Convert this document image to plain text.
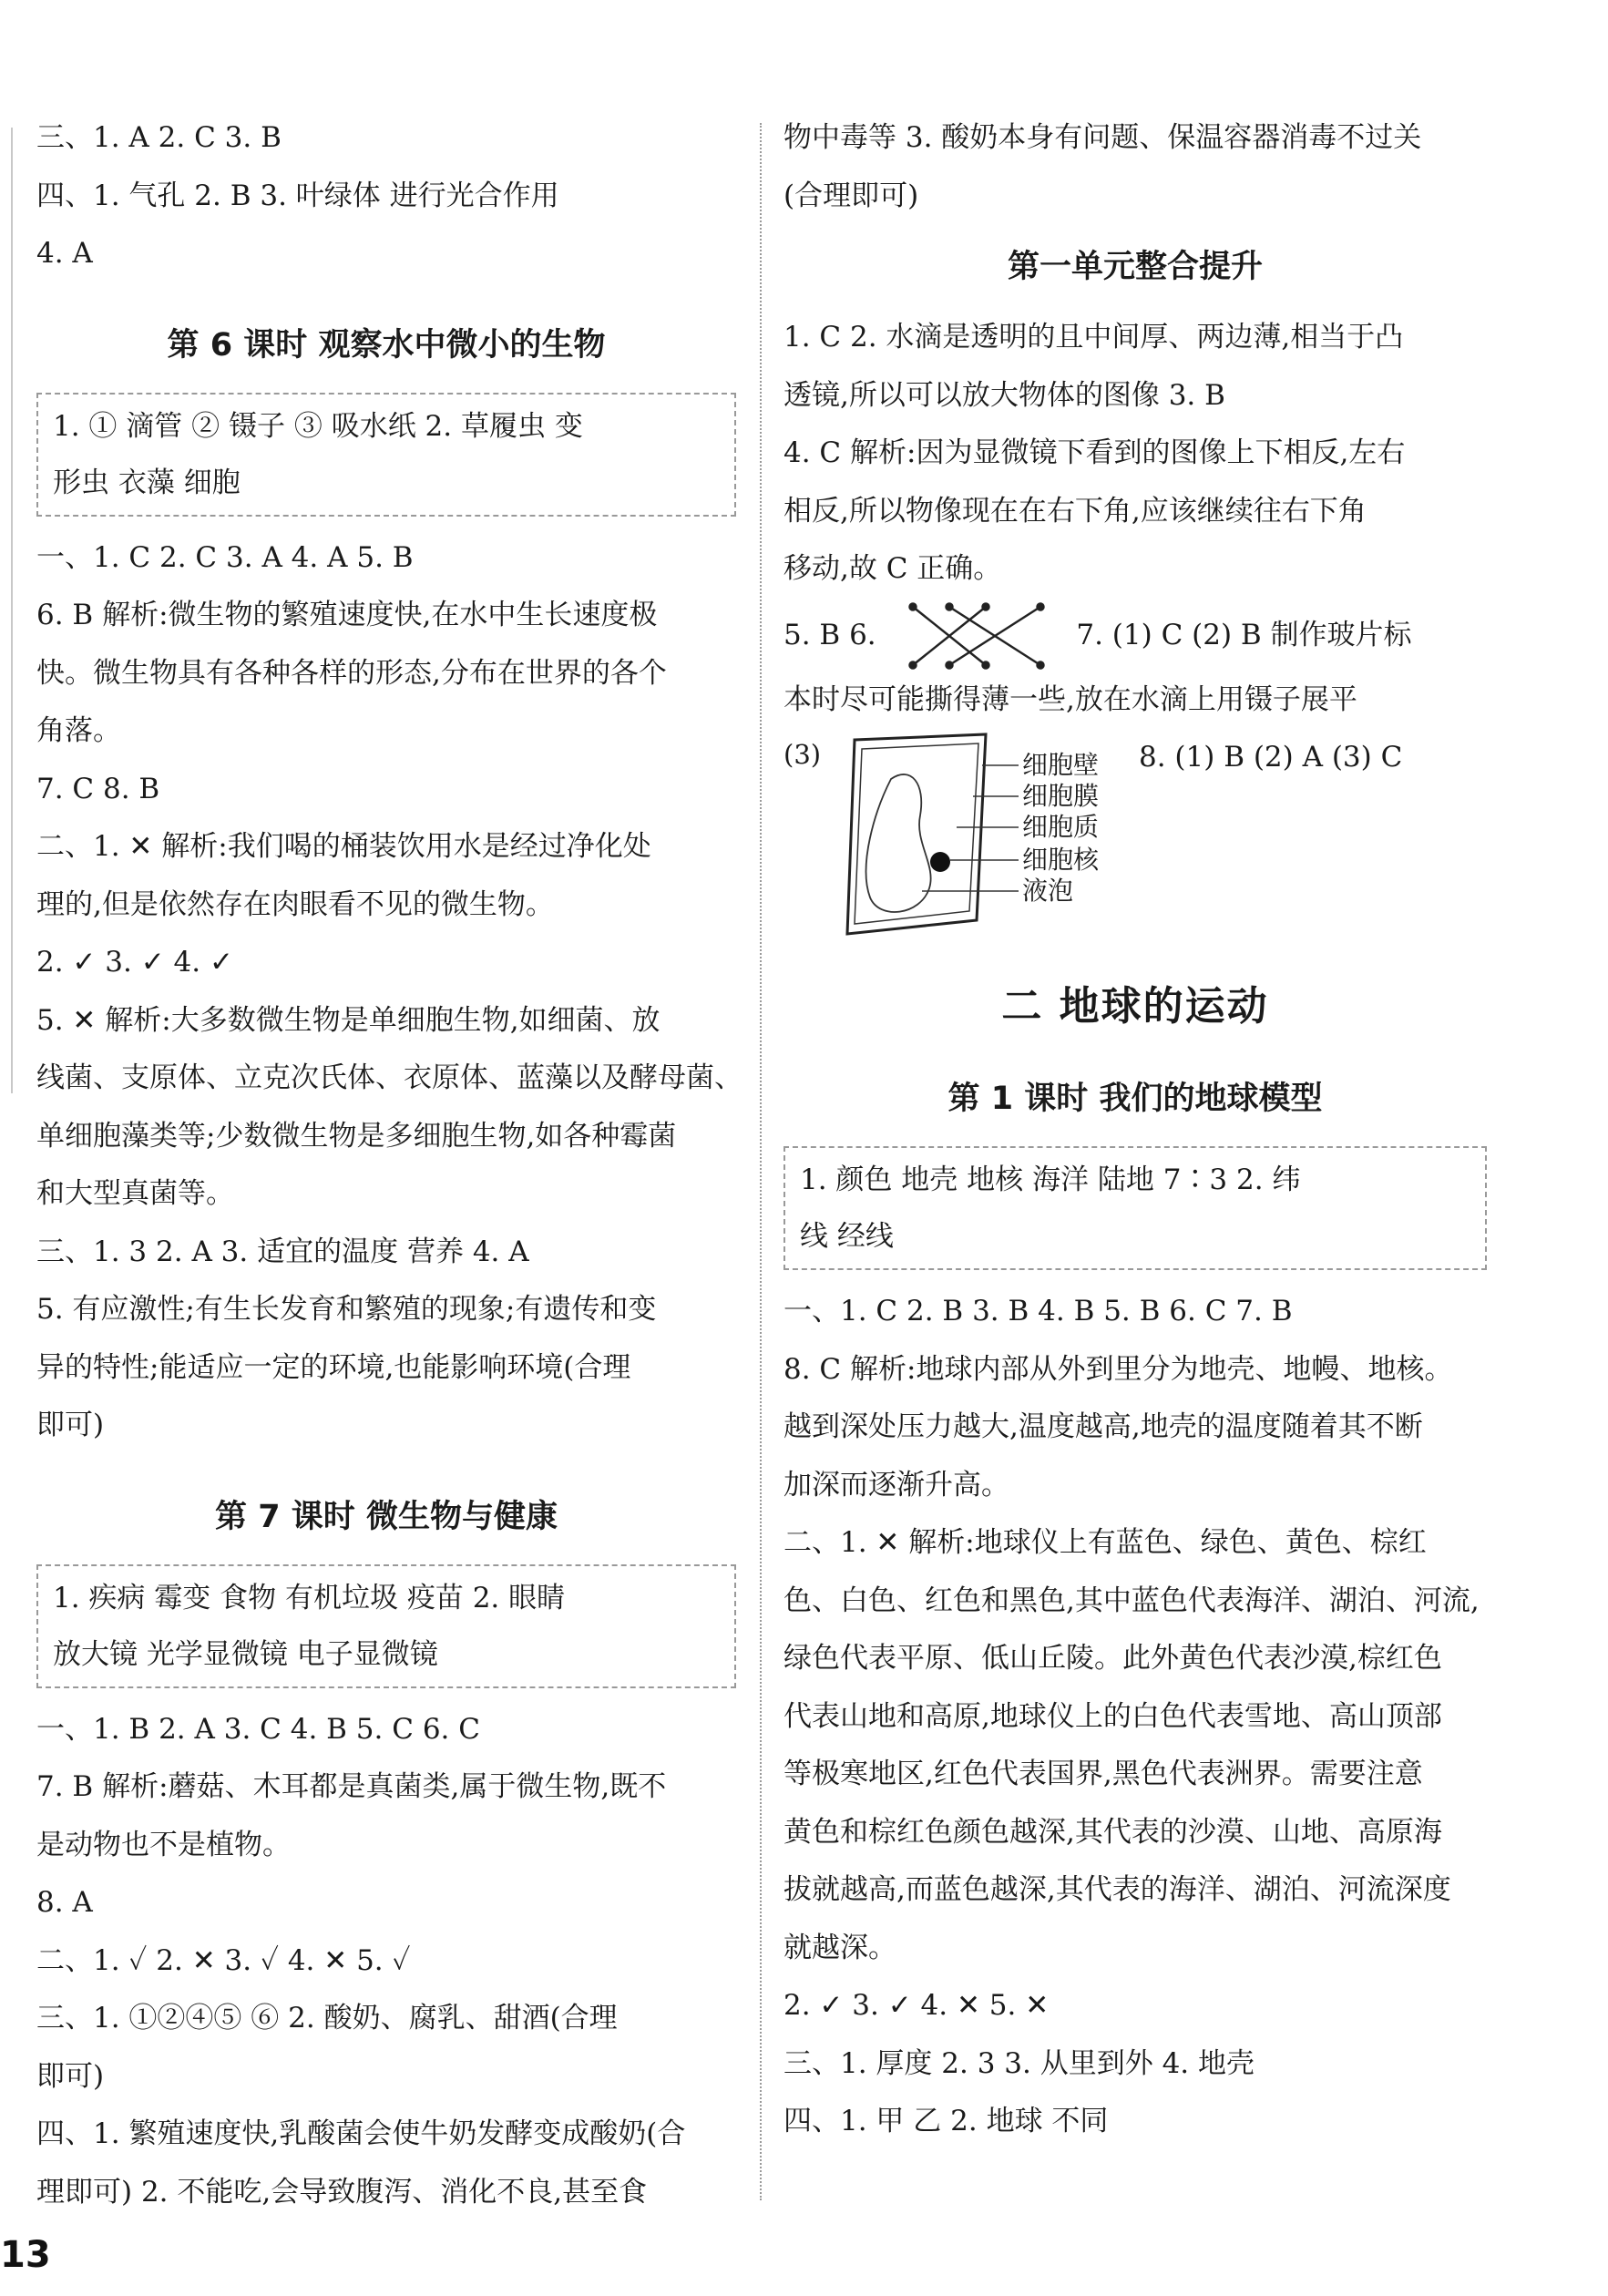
三、1. A 2. C 3. B
四、1. 气孔 2. B 3. 叶绿体 进行光合作用
4. A
第 6 课时 观察水中微小的生物
1. ① 滴管 ② 镊子 ③ 吸水纸 2. 草履虫 变
形虫 衣藻 细胞
一、1. C 2. C 3. A 4. A 5. B
6. B 解析:微生物的繁殖速度快,在水中生长速度极
快。微生物具有各种各样的形态,分布在世界的各个
角落。
7. C 8. B
二、1. ✕ 解析:我们喝的桶装饮用水是经过净化处
理的,但是依然存在肉眼看不见的微生物。
2. ✓ 3. ✓ 4. ✓
5. ✕ 解析:大多数微生物是单细胞生物,如细菌、放
线菌、支原体、立克次氏体、衣原体、蓝藻以及酵母菌、
单细胞藻类等;少数微生物是多细胞生物,如各种霉菌
和大型真菌等。
三、1. 3 2. A 3. 适宜的温度 营养 4. A
5. 有应激性;有生长发育和繁殖的现象;有遗传和变
异的特性;能适应一定的环境,也能影响环境(合理
即可)
第 7 课时 微生物与健康
1. 疾病 霉变 食物 有机垃圾 疫苗 2. 眼睛
放大镜 光学显微镜 电子显微镜
一、1. B 2. A 3. C 4. B 5. C 6. C
7. B 解析:蘑菇、木耳都是真菌类,属于微生物,既不
是动物也不是植物。
8. A
二、1. ✓ 2. ✕ 3. ✓ 4. ✕ 5. ✓
三、1. ①②④⑤ ⑥ 2. 酸奶、腐乳、甜酒(合理
即可)
四、1. 繁殖速度快,乳酸菌会使牛奶发酵变成酸奶(合
理即可) 2. 不能吃,会导致腹泻、消化不良,甚至食
物中毒等 3. 酸奶本身有问题、保温容器消毒不过关
(合理即可)
第一单元整合提升
1. C 2. 水滴是透明的且中间厚、两边薄,相当于凸
透镜,所以可以放大物体的图像 3. B
4. C 解析:因为显微镜下看到的图像上下相反,左右
相反,所以物像现在在右下角,应该继续往右下角
移动,故 C 正确。
5. B 6.	7. (1) C (2) B 制作玻片标
本时尽可能撕得薄一些,放在水滴上用镊子展平
(3)	细胞壁
细胞膜
细胞质
细胞核
液泡
8. (1) B (2) A (3) C
二 地球的运动
第 1 课时 我们的地球模型
1. 颜色 地壳 地核 海洋 陆地 7∶3 2. 纬
线 经线
一、1. C 2. B 3. B 4. B 5. B 6. C 7. B
8. C 解析:地球内部从外到里分为地壳、地幔、地核。
越到深处压力越大,温度越高,地壳的温度随着其不断
加深而逐渐升高。
二、1. ✕ 解析:地球仪上有蓝色、绿色、黄色、棕红
色、白色、红色和黑色,其中蓝色代表海洋、湖泊、河流,
绿色代表平原、低山丘陵。此外黄色代表沙漠,棕红色
代表山地和高原,地球仪上的白色代表雪地、高山顶部
等极寒地区,红色代表国界,黑色代表洲界。需要注意
黄色和棕红色颜色越深,其代表的沙漠、山地、高原海
拔就越高,而蓝色越深,其代表的海洋、湖泊、河流深度
就越深。
2. ✓ 3. ✓ 4. ✕ 5. ✕
三、1. 厚度 2. 3 3. 从里到外 4. 地壳
四、1. 甲 乙 2. 地球 不同
13
